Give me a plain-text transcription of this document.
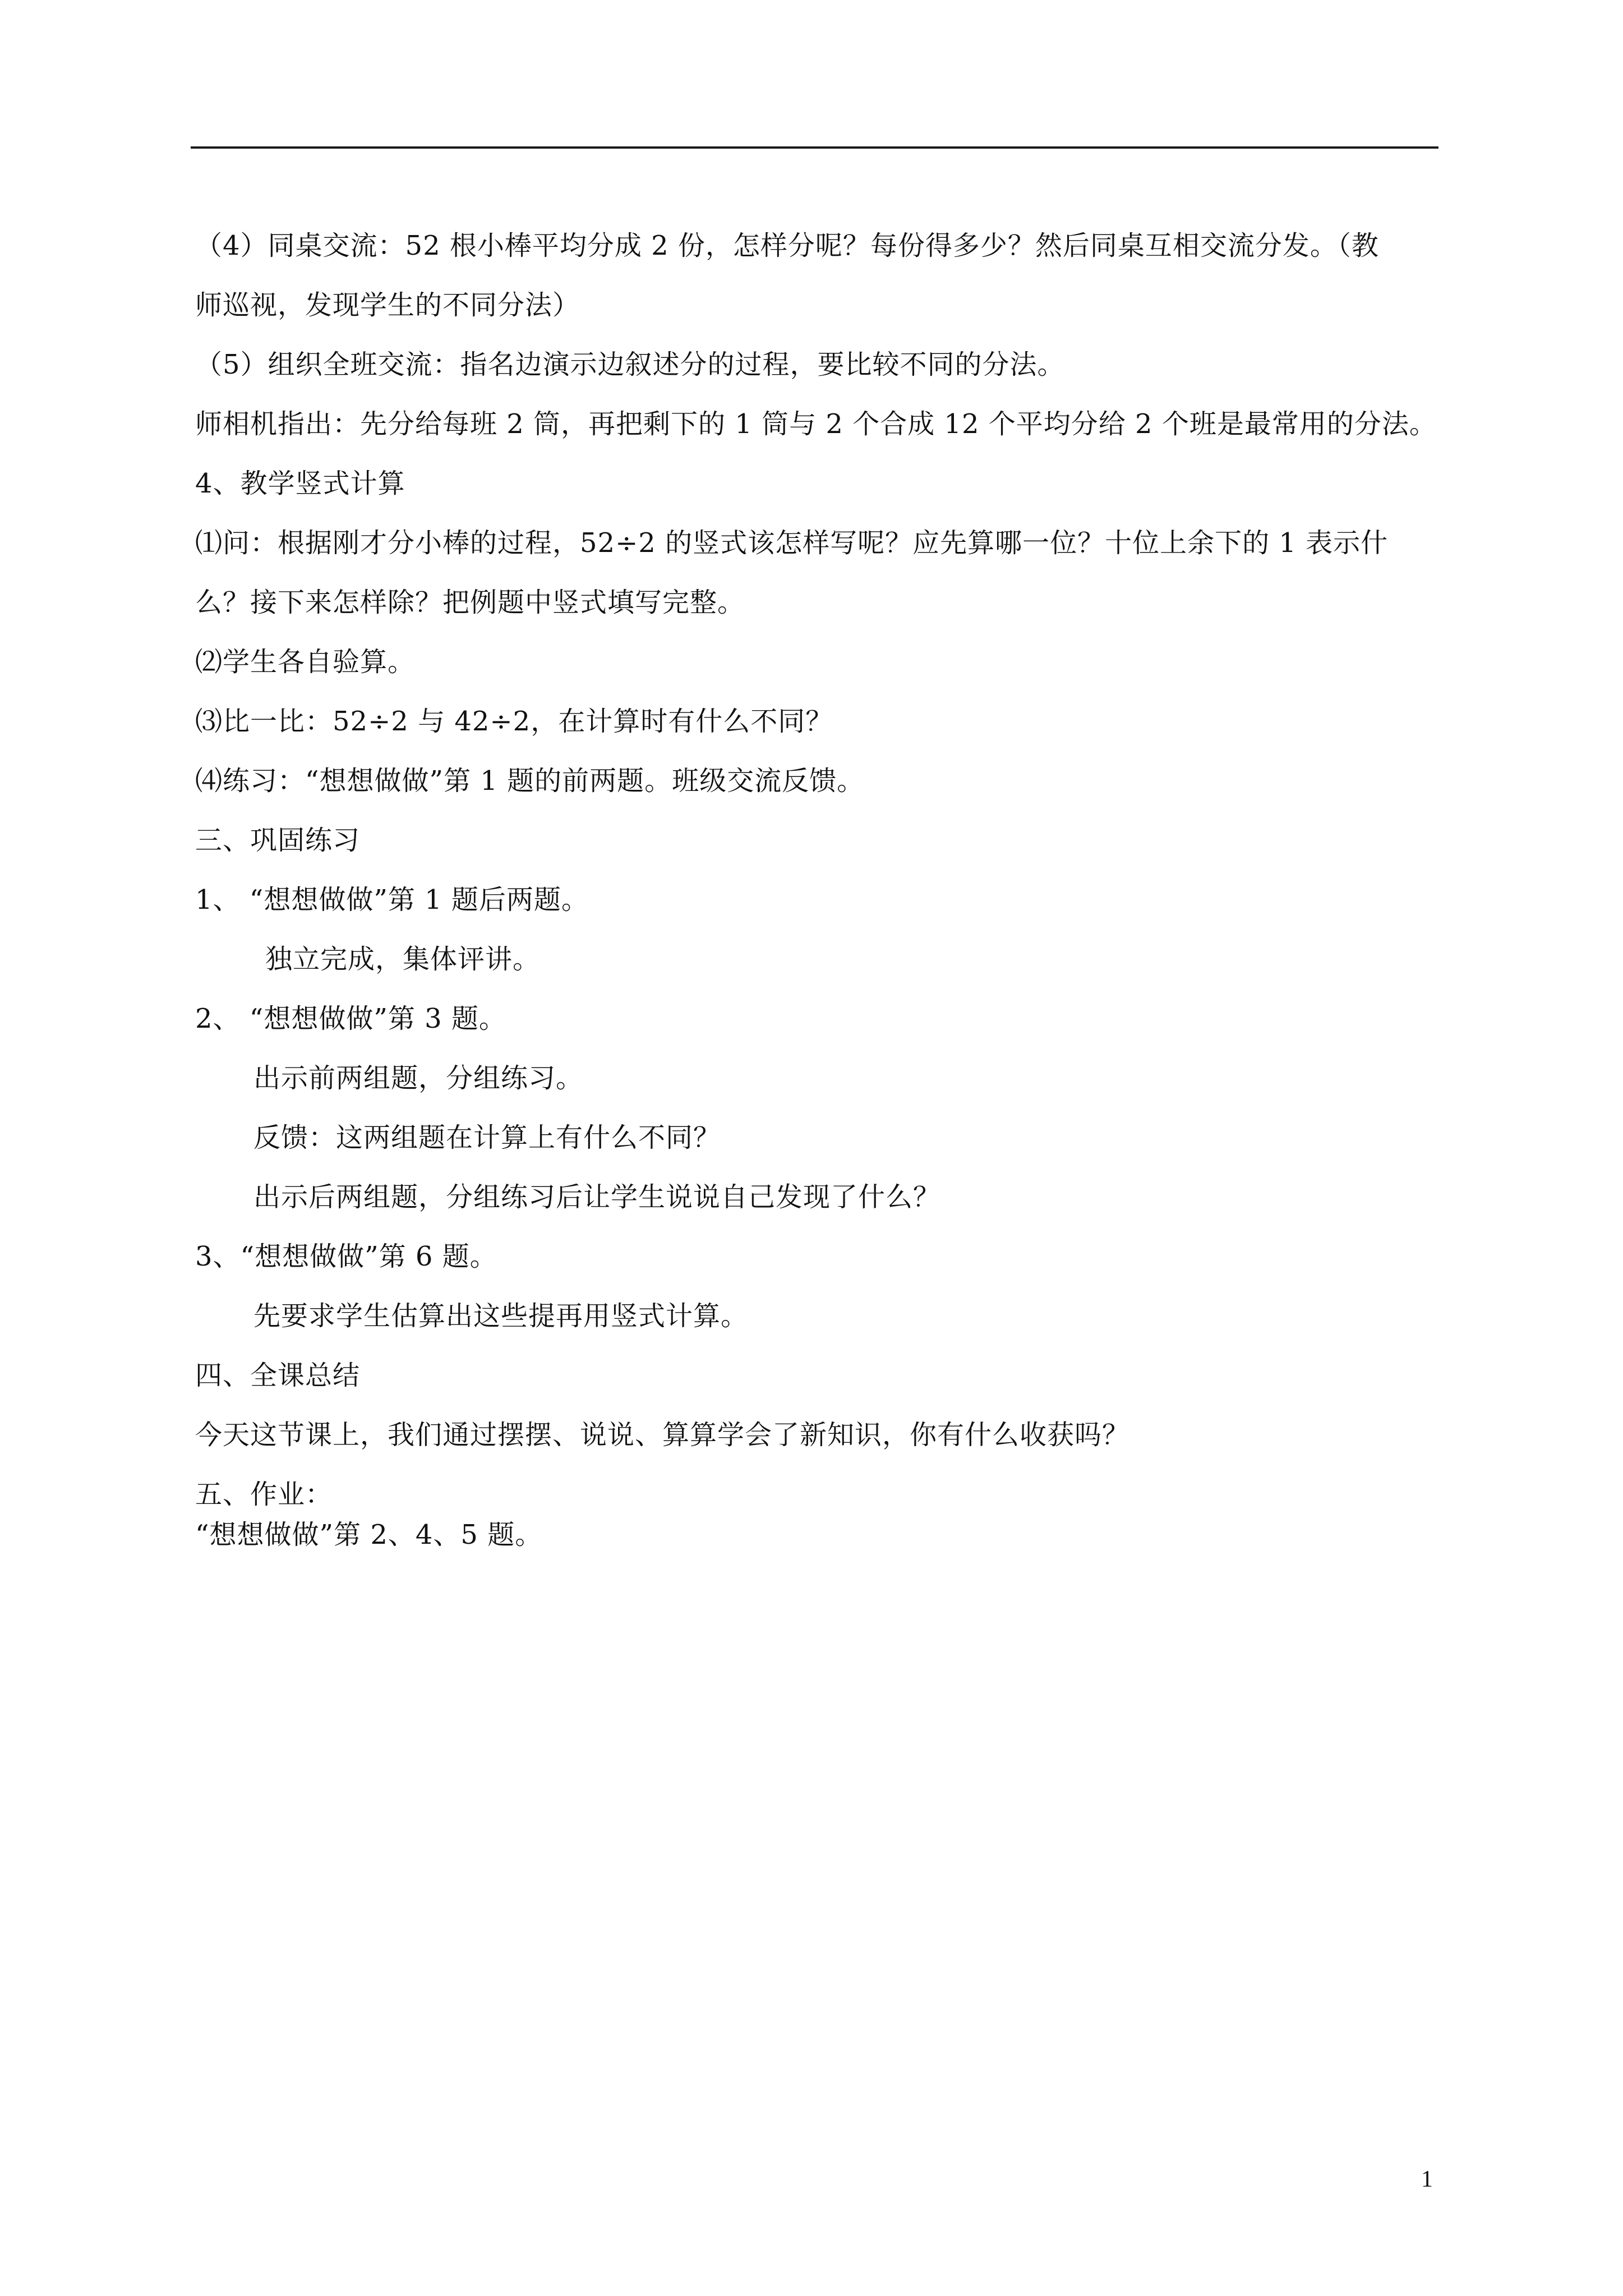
（4）同桌交流：52 根小棒平均分成 2 份，怎样分呢？每份得多少？然后同桌互相交流分发。（教
师巡视，发现学生的不同分法）
（5）组织全班交流：指名边演示边叙述分的过程，要比较不同的分法。
师相机指出：先分给每班 2 筒，再把剩下的 1 筒与 2 个合成 12 个平均分给 2 个班是最常用的分法。
4、教学竖式计算
⑴问：根据刚才分小棒的过程，52÷2 的竖式该怎样写呢？应先算哪一位？十位上余下的 1 表示什
么？接下来怎样除？把例题中竖式填写完整。
⑵学生各自验算。
⑶比一比：52÷2 与 42÷2，在计算时有什么不同？
⑷练习：“想想做做”第 1 题的前两题。班级交流反馈。
三、巩固练习
1、 “想想做做”第 1 题后两题。
独立完成，集体评讲。
2、 “想想做做”第 3 题。
出示前两组题，分组练习。
反馈：这两组题在计算上有什么不同？
出示后两组题，分组练习后让学生说说自己发现了什么？
3、“想想做做”第 6 题。
先要求学生估算出这些提再用竖式计算。
四、全课总结
今天这节课上，我们通过摆摆、说说、算算学会了新知识，你有什么收获吗？
五、作业：
“想想做做”第 2、4、5 题。
1
